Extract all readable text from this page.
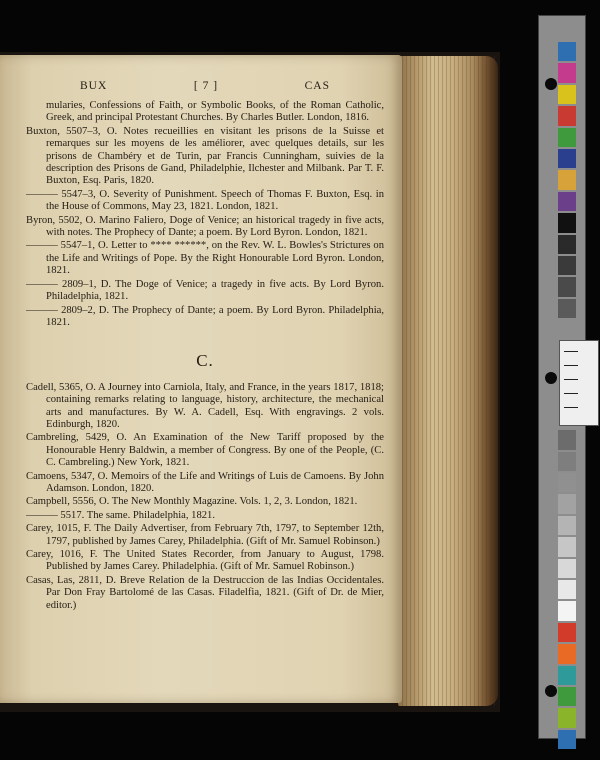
BUX	[ 7 ]	CAS

mularies, Confessions of Faith, or Symbolic Books, of the Roman Catholic, Greek, and principal Protestant Churches. By Charles Butler. London, 1816.

Buxton, 5507–3, O. Notes recueillies en visitant les prisons de la Suisse et remarques sur les moyens de les améliorer, avec quelques details, sur les prisons de Chambéry et de Turin, par Francis Cunningham, suivies de la description des Prisons de Gand, Philadelphie, Ilchester and Milbank. Par T. F. Buxton, Esq. Paris, 1820.

——— 5547–3, O. Severity of Punishment. Speech of Thomas F. Buxton, Esq. in the House of Commons, May 23, 1821. London, 1821.

Byron, 5502, O. Marino Faliero, Doge of Venice; an historical tragedy in five acts, with notes. The Prophecy of Dante; a poem. By Lord Byron. London, 1821.

——— 5547–1, O. Letter to **** ******, on the Rev. W. L. Bowles's Strictures on the Life and Writings of Pope. By the Right Honourable Lord Byron. London, 1821.

——— 2809–1, D. The Doge of Venice; a tragedy in five acts. By Lord Byron. Philadelphia, 1821.

——— 2809–2, D. The Prophecy of Dante; a poem. By Lord Byron. Philadelphia, 1821.

C.

Cadell, 5365, O. A Journey into Carniola, Italy, and France, in the years 1817, 1818; containing remarks relating to language, history, architecture, the mechanical arts and manufactures. By W. A. Cadell, Esq. With engravings. 2 vols. Edinburgh, 1820.

Cambreling, 5429, O. An Examination of the New Tariff proposed by the Honourable Henry Baldwin, a member of Congress. By one of the People, (C. C. Cambreling.) New York, 1821.

Camoens, 5347, O. Memoirs of the Life and Writings of Luis de Camoens. By John Adamson. London, 1820.

Campbell, 5556, O. The New Monthly Magazine. Vols. 1, 2, 3. London, 1821.

——— 5517. The same. Philadelphia, 1821.

Carey, 1015, F. The Daily Advertiser, from February 7th, 1797, to September 12th, 1797, published by James Carey, Philadelphia. (Gift of Mr. Samuel Robinson.)

Carey, 1016, F. The United States Recorder, from January to August, 1798. Published by James Carey. Philadelphia. (Gift of Mr. Samuel Robinson.)

Casas, Las, 2811, D. Breve Relation de la Destruccion de las Indias Occidentales. Par Don Fray Bartolomé de las Casas. Filadelfia, 1821. (Gift of Dr. de Mier, editor.)
